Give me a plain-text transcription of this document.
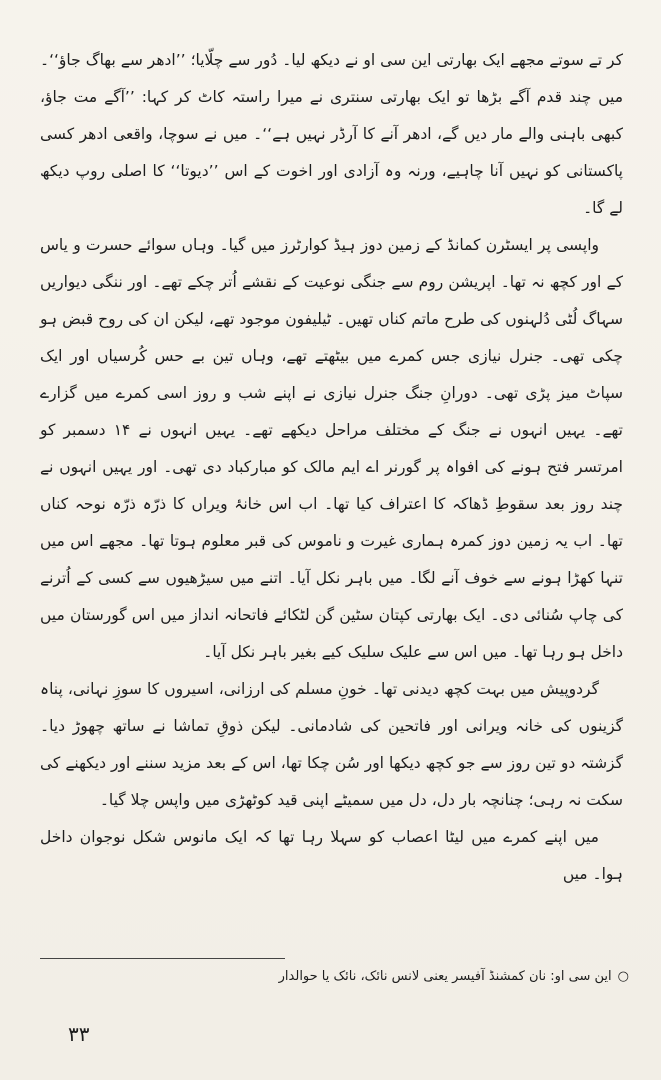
کر تے سوتے مجھے ایک بھارتی این سی او نے دیکھ لیا۔ دُور سے چلّایا؛ ’’ادھر سے بھاگ جاؤ‘‘۔ میں چند قدم آگے بڑھا تو ایک بھارتی سنتری نے میرا راستہ کاٹ کر کہا: ’’آگے مت جاؤ، کبھی باہنی والے مار دیں گے، ادھر آنے کا آرڈر نہیں ہے‘‘۔ میں نے سوچا، واقعی ادھر کسی پاکستانی کو نہیں آنا چاہیے، ورنہ وہ آزادی اور اخوت کے اس ’’دیوتا‘‘ کا اصلی روپ دیکھ لے گا۔

واپسی پر ایسٹرن کمانڈ کے زمین دوز ہیڈ کوارٹرز میں گیا۔ وہاں سوائے حسرت و یاس کے اور کچھ نہ تھا۔ اپریشن روم سے جنگی نوعیت کے نقشے اُتر چکے تھے۔ اور ننگی دیواریں سہاگ لُٹی دُلہنوں کی طرح ماتم کناں تھیں۔ ٹیلیفون موجود تھے، لیکن ان کی روح قبض ہو چکی تھی۔ جنرل نیازی جس کمرے میں بیٹھتے تھے، وہاں تین بے حس کُرسیاں اور ایک سپاٹ میز پڑی تھی۔ دورانِ جنگ جنرل نیازی نے اپنے شب و روز اسی کمرے میں گزارے تھے۔ یہیں انہوں نے جنگ کے مختلف مراحل دیکھے تھے۔ یہیں انہوں نے ۱۴ دسمبر کو امرتسر فتح ہونے کی افواہ پر گورنر اے ایم مالک کو مبارکباد دی تھی۔ اور یہیں انہوں نے چند روز بعد سقوطِ ڈھاکہ کا اعتراف کیا تھا۔ اب اس خانۂ ویراں کا ذرّہ ذرّہ نوحہ کناں تھا۔ اب یہ زمین دوز کمرہ ہماری غیرت و ناموس کی قبر معلوم ہوتا تھا۔ مجھے اس میں تنہا کھڑا ہونے سے خوف آنے لگا۔ میں باہر نکل آیا۔ اتنے میں سیڑھیوں سے کسی کے اُترنے کی چاپ سُنائی دی۔ ایک بھارتی کپتان سٹین گن لٹکائے فاتحانہ انداز میں اس گورستان میں داخل ہو رہا تھا۔ میں اس سے علیک سلیک کیے بغیر باہر نکل آیا۔

گردوپیش میں بہت کچھ دیدنی تھا۔ خونِ مسلم کی ارزانی، اسیروں کا سوزِ نہانی، پناہ گزینوں کی خانہ ویرانی اور فاتحین کی شادمانی۔ لیکن ذوقِ تماشا نے ساتھ چھوڑ دیا۔ گزشتہ دو تین روز سے جو کچھ دیکھا اور سُن چکا تھا، اس کے بعد مزید سننے اور دیکھنے کی سکت نہ رہی؛ چنانچہ بار دل، دل میں سمیٹے اپنی قید کوٹھڑی میں واپس چلا گیا۔

میں اپنے کمرے میں لیٹا اعصاب کو سہلا رہا تھا کہ ایک مانوس شکل نوجوان داخل ہوا۔ میں

○این سی او: نان کمشنڈ آفیسر یعنی لانس نائک، نائک یا حوالدار
۳۳
